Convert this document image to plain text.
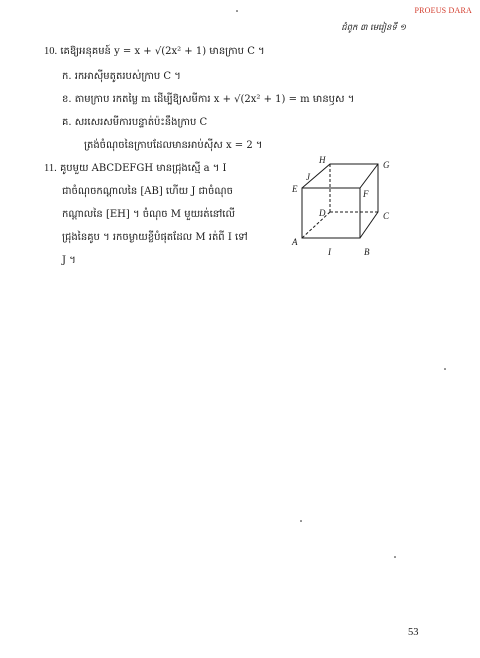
PROEUS DARA
ជំពូក ៣ មេរៀនទី ១
10. គេឱ្យអនុគមន៍ y = x + √(2x² + 1) មានក្រាប C ។
ក. រកអាស៊ីមតូតរបស់ក្រាប C ។
ខ. តាមក្រាប រកតម្លៃ m ដើម្បីឱ្យសមីការ x + √(2x² + 1) = m មានឫស ។
គ. សរសេរសមីការបន្ទាត់ប៉ះនឹងក្រាប C
ត្រង់ចំណុចនៃក្រាបដែលមានអាប់ស៊ីស x = 2 ។
11. គូបមួយ ABCDEFGH មានជ្រុងស្មើ a ។ I
ជាចំណុចកណ្ដាលនៃ [AB] ហើយ J ជាចំណុច
កណ្ដាលនៃ [EH] ។ ចំណុច M មួយរត់នៅលើ
ជ្រុងនៃគូប ។ រកចម្ងាយខ្លីបំផុតដែល M រត់ពី I ទៅ
J ។
A
B
C
D
E	F
G
H
I
J
53
